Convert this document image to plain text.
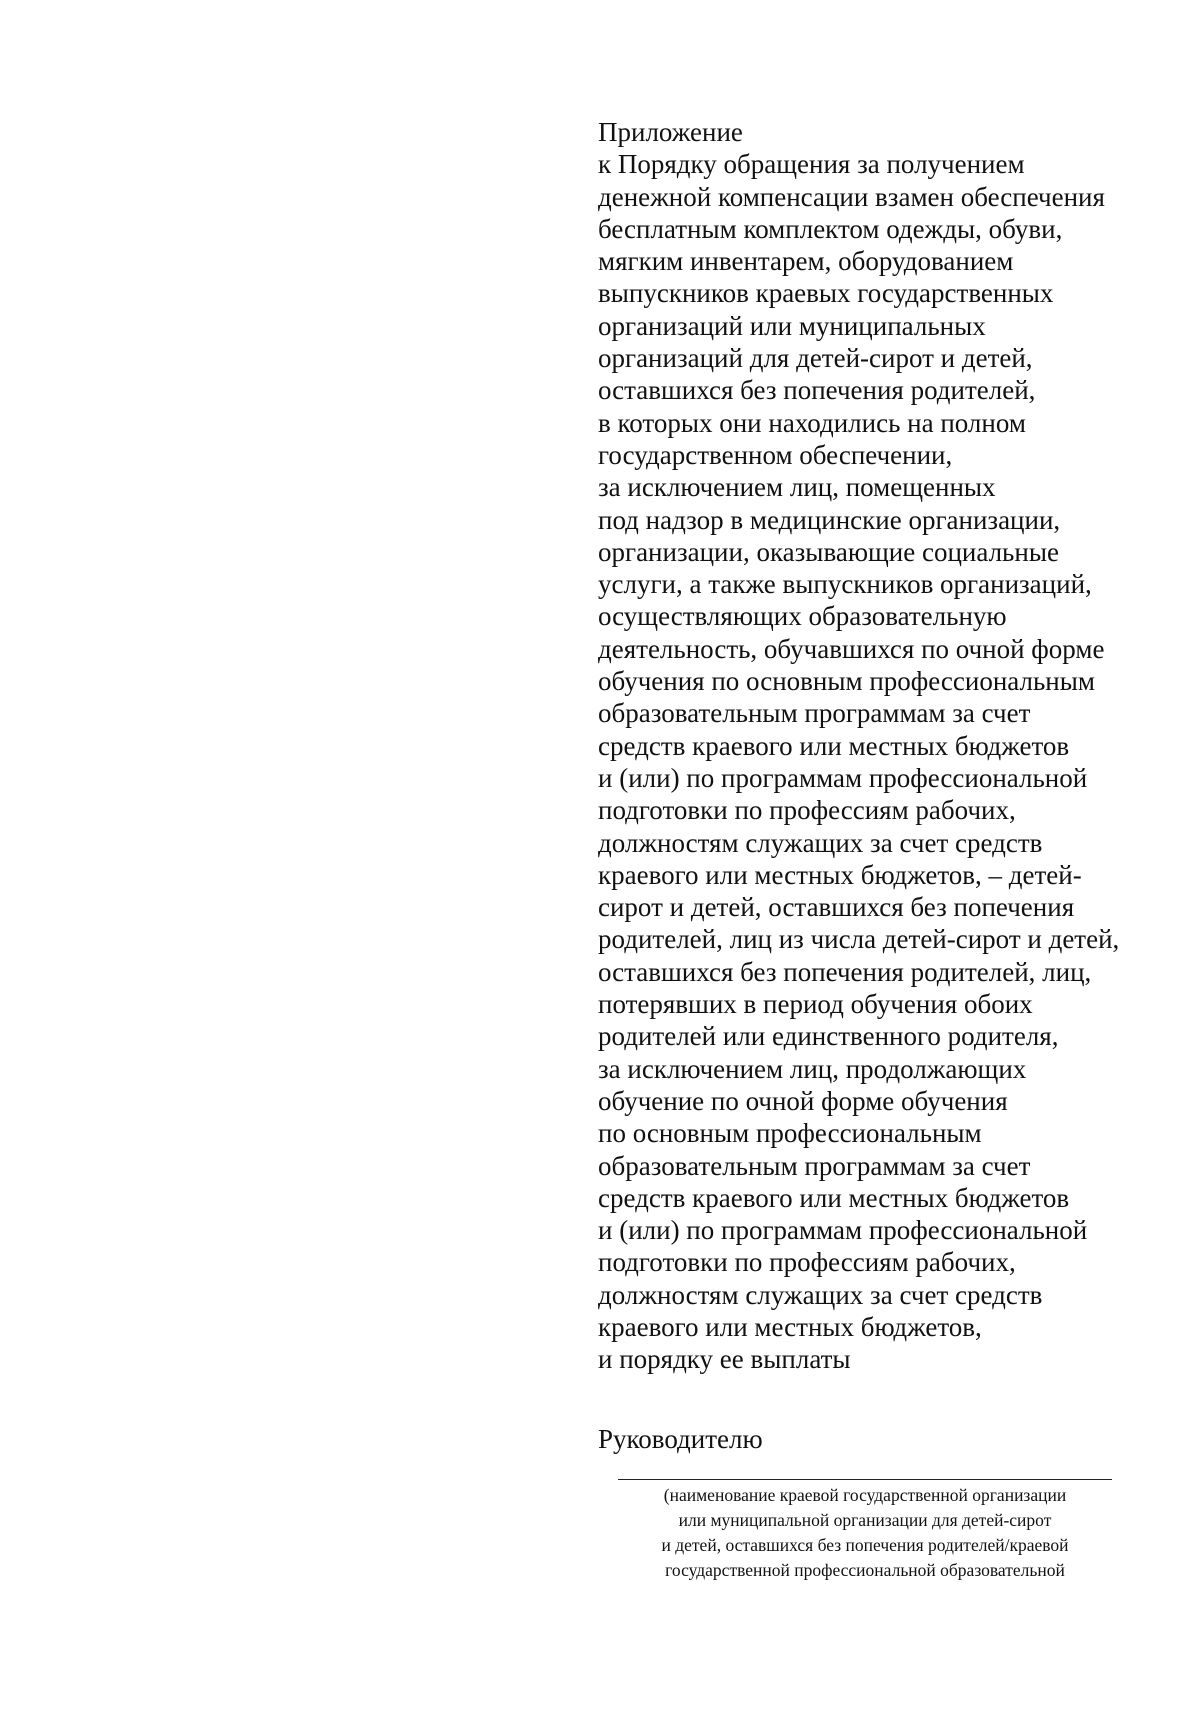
Приложение
к Порядку обращения за получением
денежной компенсации взамен обеспечения
бесплатным комплектом одежды, обуви,
мягким инвентарем, оборудованием
выпускников краевых государственных
организаций или муниципальных
организаций для детей-сирот и детей,
оставшихся без попечения родителей,
в которых они находились на полном
государственном обеспечении,
за исключением лиц, помещенных
под надзор в медицинские организации,
организации, оказывающие социальные
услуги, а также выпускников организаций,
осуществляющих образовательную
деятельность, обучавшихся по очной форме
обучения по основным профессиональным
образовательным программам за счет
средств краевого или местных бюджетов
и (или) по программам профессиональной
подготовки по профессиям рабочих,
должностям служащих за счет средств
краевого или местных бюджетов, – детей-
сирот и детей, оставшихся без попечения
родителей, лиц из числа детей-сирот и детей,
оставшихся без попечения родителей, лиц,
потерявших в период обучения обоих
родителей или единственного родителя,
за исключением лиц, продолжающих
обучение по очной форме обучения
по основным профессиональным
образовательным программам за счет
средств краевого или местных бюджетов
и (или) по программам профессиональной
подготовки по профессиям рабочих,
должностям служащих за счет средств
краевого или местных бюджетов,
и порядку ее выплаты
Руководителю
(наименование краевой государственной организации
или муниципальной организации для детей-сирот
и детей, оставшихся без попечения родителей/краевой
государственной профессиональной образовательной
